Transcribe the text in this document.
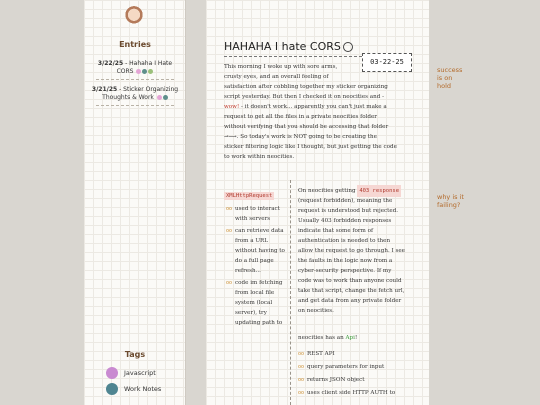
Entries
3/22/25 - Hahaha I Hate CORS
3/21/25 - Sticker Organizing Thoughts & Work
Tags
Javascript
Work Notes
HAHAHA I hate CORS
03-22-25
This morning I woke up with sore arms,
crusty eyes, and an overall feeling of
satisfaction after cobbling together my sticker organizing
script yesterday. But then I checked it on neocities and -
wow! - it doesn't work... apparently you can't just make a
request to get all the files in a private neocities folder
without verifying that you should be accessing that folder
⊸⟶. So today's work is NOT going to be creating the
sticker filtering logic like I thought, but just getting the code
to work within neocities.
XMLHttpRequest
oo used to interact with servers
oo can retrieve data from a URL without having to do a full page refresh...
oo code im fetching from local file system (local server), try updating path to
On neocities getting 403 response
(request forbidden), meaning the
request is understood but rejected.
Usually 403 forbidden responses
indicate that some form of
authentication is needed to then
allow the request to go through. I see
the faults in the logic now from a
cyber-security perspective. If my
code was to work than anyone could
take that script, change the fetch url,
and get data from any private folder
on neocities.
neocities has an Api!
oo REST API
oo query parameters for input
oo returns JSON object
oo uses client side HTTP AUTH to
success
is on
hold
why is it
failing?
